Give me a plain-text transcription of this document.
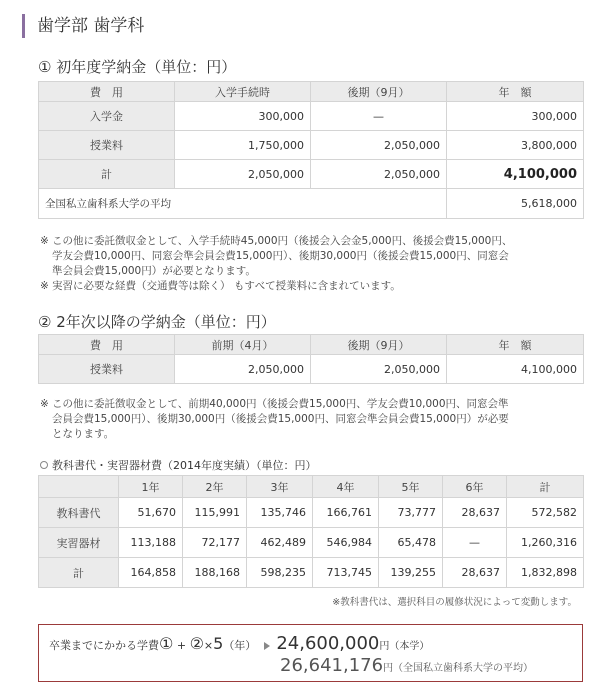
歯学部 歯学科
① 初年度学納金（単位：円）
費　用	入学手続時	後期（9月）	年　額
入学金	300,000	—	300,000
授業料	1,750,000	2,050,000	3,800,000
計	2,050,000	2,050,000	4,100,000
全国私立歯科系大学の平均			5,618,000
※ この他に委託徴収金として、入学手続時45,000円（後援会入会金5,000円、後援会費15,000円、
学友会費10,000円、同窓会準会員会費15,000円）、後期30,000円（後援会費15,000円、同窓会
準会員会費15,000円）が必要となります。
※ 実習に必要な経費（交通費等は除く） もすべて授業料に含まれています。
② 2年次以降の学納金（単位：円）
費　用	前期（4月）	後期（9月）	年　額
授業料	2,050,000	2,050,000	4,100,000
※ この他に委託徴収金として、前期40,000円（後援会費15,000円、学友会費10,000円、同窓会準
会員会費15,000円）、後期30,000円（後援会費15,000円、同窓会準会員会費15,000円）が必要
となります。
教科書代・実習器材費（2014年度実績）（単位：円）
	1年	2年	3年	4年	5年	6年	計
教科書代	51,670	115,991	135,746	166,761	73,777	28,637	572,582
実習器材	113,188	72,177	462,489	546,984	65,478	—	1,260,316
計	164,858	188,168	598,235	713,745	139,255	28,637	1,832,898
※教科書代は、選択科目の履修状況によって変動します。
卒業までにかかる学費① + ②×5（年） 24,600,000円（本学）
26,641,176円（全国私立歯科系大学の平均）
